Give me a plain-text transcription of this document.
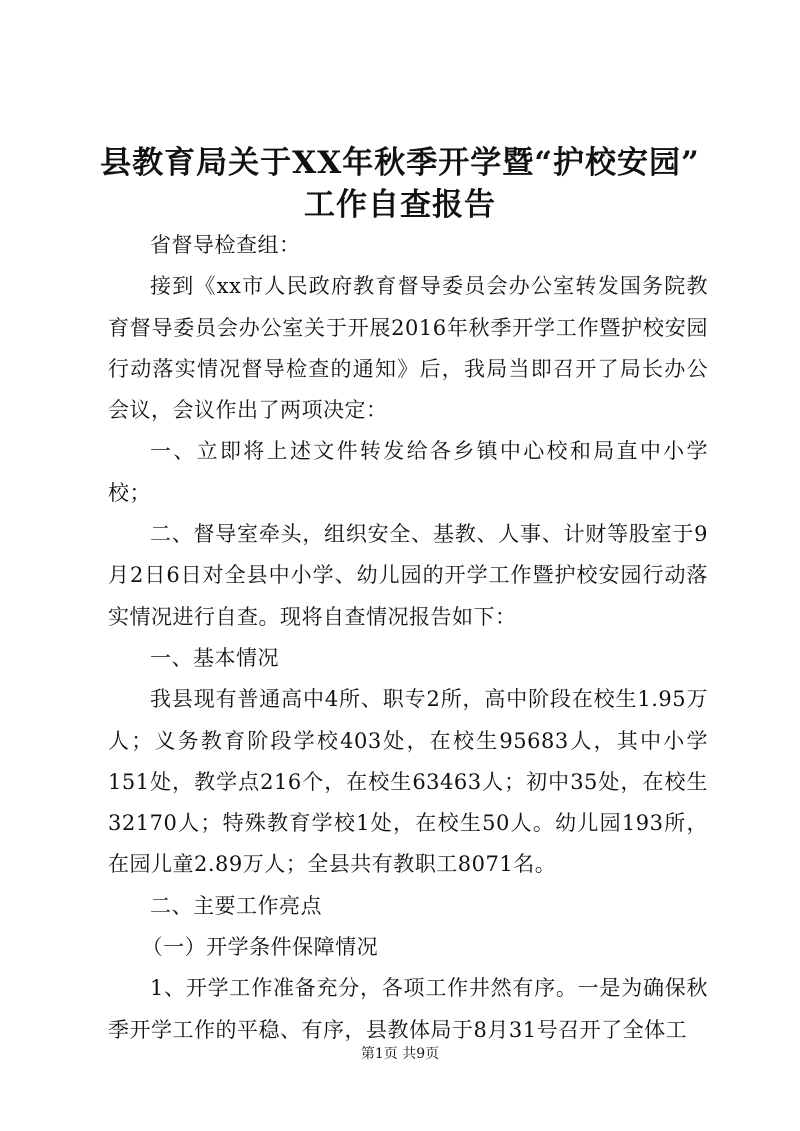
县教育局关于XX年秋季开学暨“护校安园”
工作自查报告

省督导检查组：

接到《xx市人民政府教育督导委员会办公室转发国务院教育督导委员会办公室关于开展2016年秋季开学工作暨护校安园行动落实情况督导检查的通知》后，我局当即召开了局长办公会议，会议作出了两项决定：

一、立即将上述文件转发给各乡镇中心校和局直中小学校；

二、督导室牵头，组织安全、基教、人事、计财等股室于9月2日6日对全县中小学、幼儿园的开学工作暨护校安园行动落实情况进行自查。现将自查情况报告如下：

一、基本情况

我县现有普通高中4所、职专2所，高中阶段在校生1.95万人；义务教育阶段学校403处，在校生95683人，其中小学151处，教学点216个，在校生63463人；初中35处，在校生32170人；特殊教育学校1处，在校生50人。幼儿园193所，在园儿童2.89万人；全县共有教职工8071名。

二、主要工作亮点

（一）开学条件保障情况

1、开学工作准备充分，各项工作井然有序。一是为确保秋季开学工作的平稳、有序，县教体局于8月31号召开了全体工

第1页 共9页
